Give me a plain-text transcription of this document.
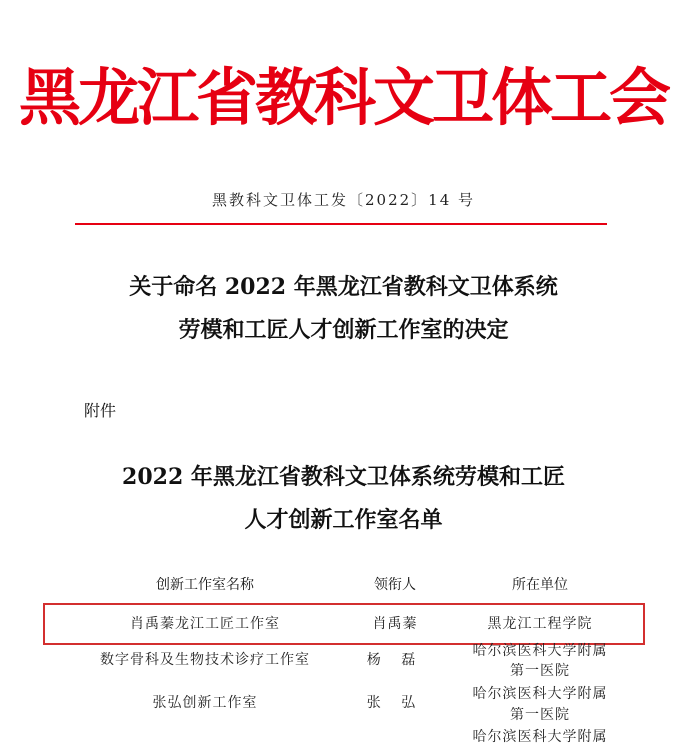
黑龙江省教科文卫体工会
黑教科文卫体工发〔2022〕14 号
关于命名 2022 年黑龙江省教科文卫体系统
劳模和工匠人才创新工作室的决定
附件
2022 年黑龙江省教科文卫体系统劳模和工匠
人才创新工作室名单
创新工作室名称	领衔人	所在单位
肖禹蓁龙江工匠工作室	肖禹蓁	黑龙江工程学院
数字骨科及生物技术诊疗工作室	杨 磊
哈尔滨医科大学附属
第一医院
张弘创新工作室	张 弘
哈尔滨医科大学附属
第一医院
哈尔滨医科大学附属
